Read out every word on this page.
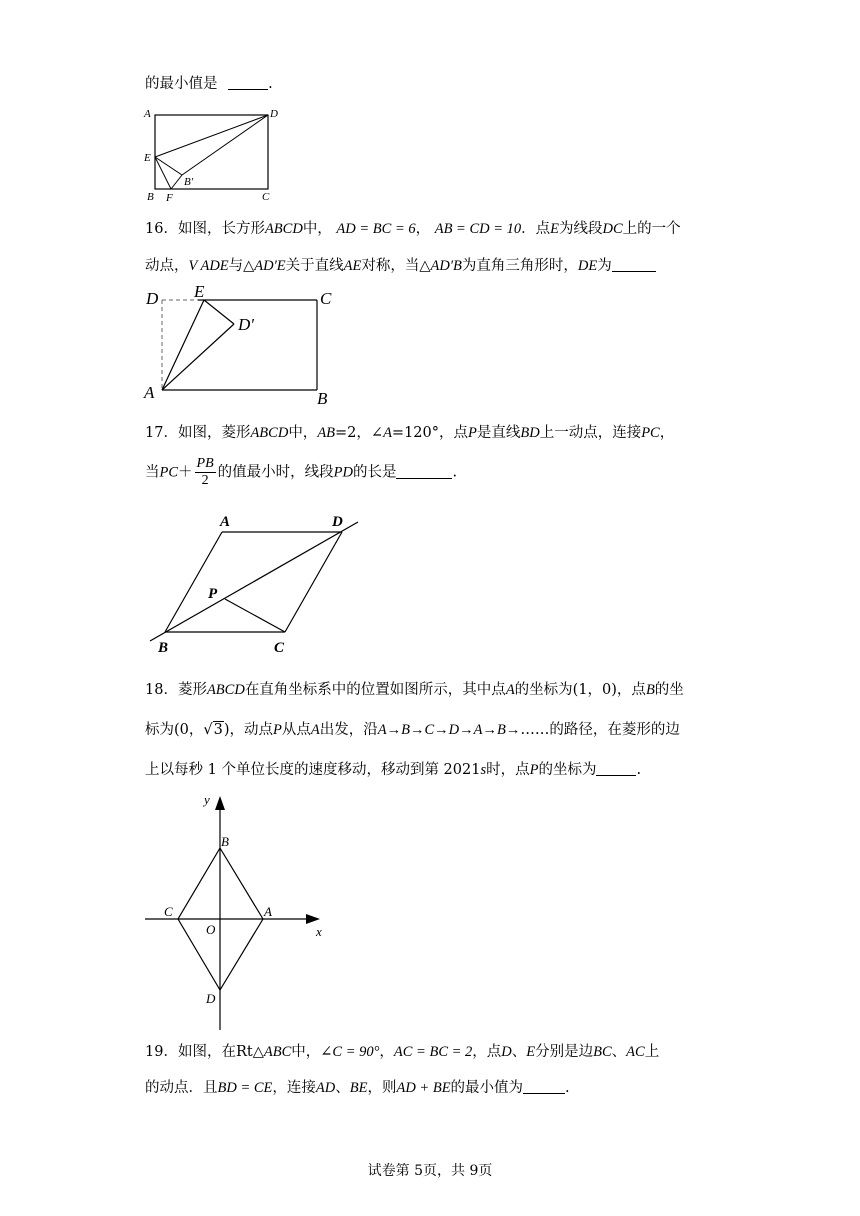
的最小值是	.
A	D
E
B′
B F	C
16．如图，长方形ABCD中， AD = BC = 6， AB = CD = 10．点E为线段DC上的一个
动点，V ADE与△AD′E关于直线AE对称，当△AD′B为直角三角形时，DE为
D E	C
D′
A	B
17．如图，菱形ABCD中，AB=2，∠A=120°，点P是直线BD上一动点，连接PC，
当$PC+ \frac{PB}{2}$ 的值最小时，线段PD的长是	.
A	D
P
B	C
18．菱形ABCD在直角坐标系中的位置如图所示，其中点A的坐标为(1，0)，点B的坐
标为(0，√3)，动点P从点A出发，沿A→B→C→D→A→B→……的路径，在菱形的边
上以每秒 1 个单位长度的速度移动，移动到第 2021s时，点P的坐标为	.
y
B
C
O
A
x
D
19．如图，在Rt△ABC中，∠C = 90°，AC = BC = 2，点D、E分别是边BC、AC上
的动点．且BD = CE，连接AD、BE，则AD + BE的最小值为	.
试卷第 5页，共 9页
